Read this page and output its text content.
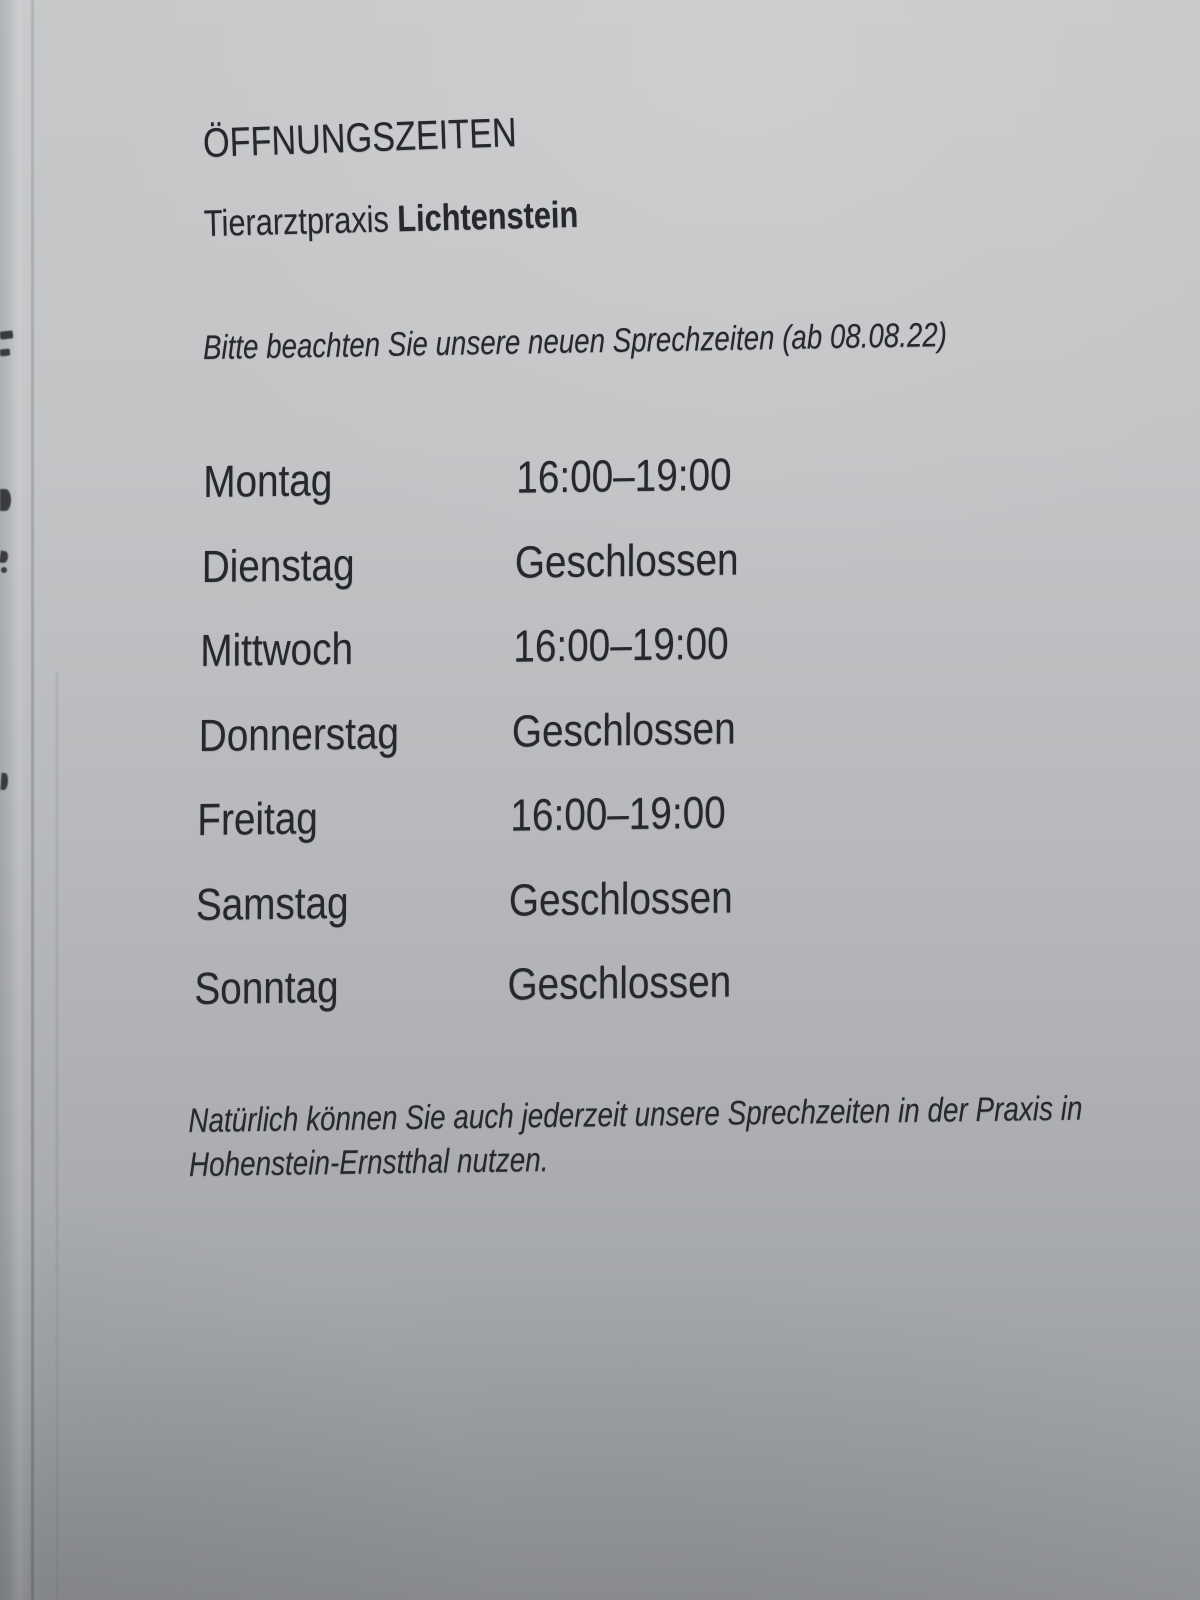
ÖFFNUNGSZEITEN
Tierarztpraxis Lichtenstein
Bitte beachten Sie unsere neuen Sprechzeiten (ab 08.08.22)
Montag	16:00–19:00
Dienstag	Geschlossen
Mittwoch	16:00–19:00
Donnerstag	Geschlossen
Freitag	16:00–19:00
Samstag	Geschlossen
Sonntag	Geschlossen
Natürlich können Sie auch jederzeit unsere Sprechzeiten in der Praxis in
Hohenstein-Ernstthal nutzen.
